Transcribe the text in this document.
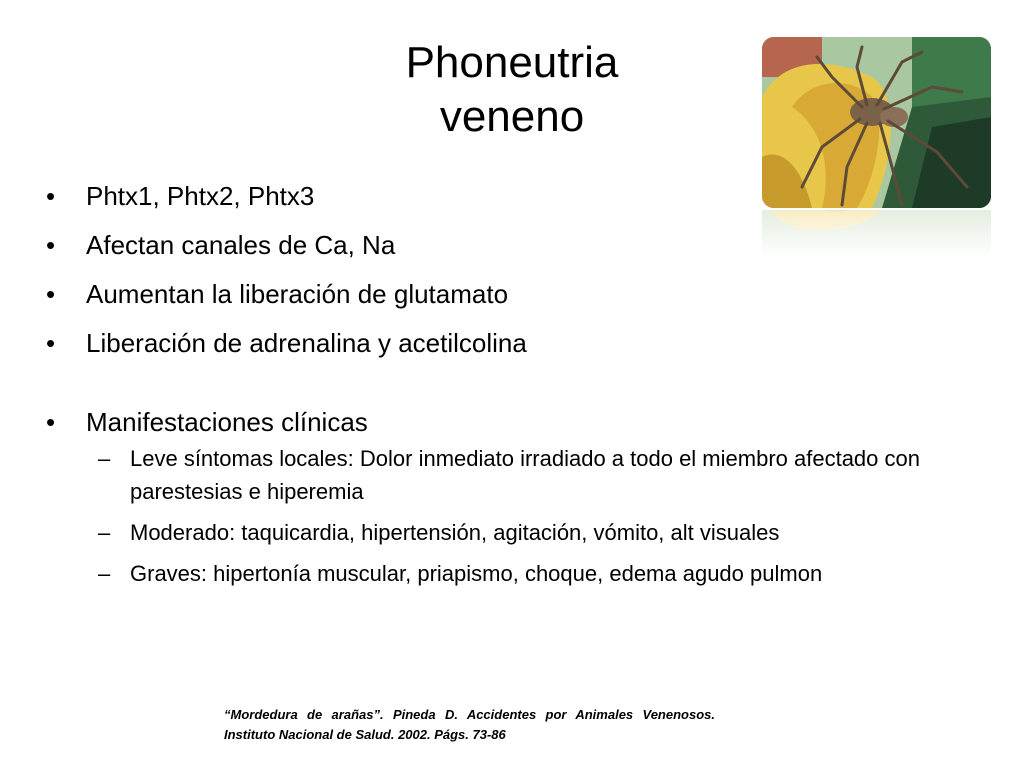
Phoneutria
veneno
• Phtx1, Phtx2, Phtx3
• Afectan canales de Ca, Na
• Aumentan la liberación de glutamato
• Liberación de adrenalina y acetilcolina
• Manifestaciones clínicas
– Leve síntomas locales: Dolor inmediato irradiado a todo el miembro afectado con parestesias e hiperemia
– Moderado: taquicardia, hipertensión, agitación, vómito, alt visuales
– Graves: hipertonía muscular, priapismo, choque, edema agudo pulmon
“Mordedura de arañas”. Pineda D. Accidentes por Animales Venenosos. Instituto Nacional de Salud. 2002. Págs. 73-86
